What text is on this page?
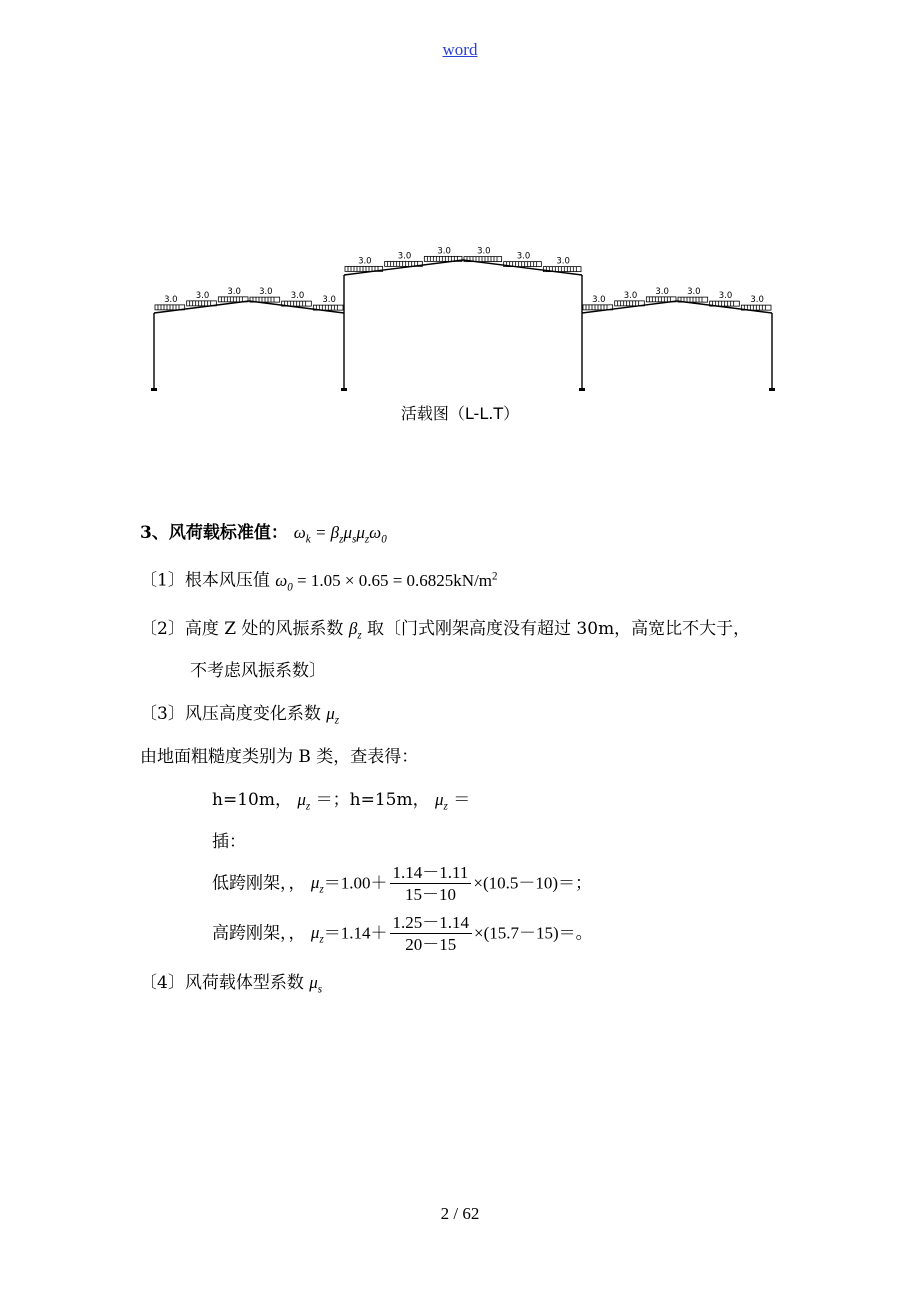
word
3.0 3.0 3.0 3.0 3.0 3.0
3.0	3.0	3.0	3.0
3.0	3.0
3.0 3.0 3.0 3.0 3.0 3.0
活载图（L-L.T）
3、风荷载标准值： $\omega_k = \beta_z\mu_s\mu_z\omega_0$
〔1〕根本风压值 $\omega_0 = 1.05 \times 0.65 = 0.6825kN/m^2$
〔2〕高度 Z 处的风振系数 $\beta_z$ 取〔门式刚架高度没有超过 30m，高宽比不大于，
不考虑风振系数〕
〔3〕风压高度变化系数 $\mu_z$
由地面粗糙度类别为 B 类，查表得：
h=10m， $\mu_z$ ＝；h=15m， $\mu_z$ ＝
插：
低跨刚架，， $\mu_z=1.00+ \frac{1.14-1.11}{15-10} \times(10.5-10)=$；
高跨刚架，， $\mu_z=1.14+ \frac{1.25-1.14}{20-15} \times(15.7-15)=$。
〔4〕风荷载体型系数 $\mu_s$
2 / 62
